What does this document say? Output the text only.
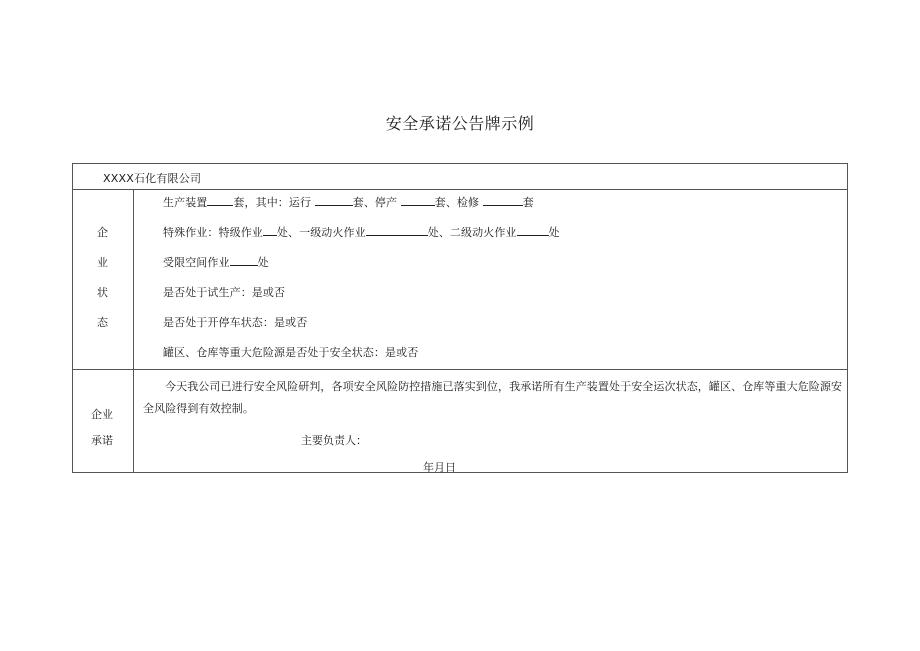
安全承诺公告牌示例
XXXX石化有限公司
企
业
状
态
生产装置 套，其中：运行	套、停产	套、检修	套
特殊作业：特级作业 处、一级动火作业	处、二级动火作业	处
受限空间作业	处
是否处于试生产：是或否
是否处于开停车状态：是或否
罐区、仓库等重大危险源是否处于安全状态：是或否
企业
承诺
今天我公司已进行安全风险研判，各项安全风险防控措施已落实到位，我承诺所有生产装置处于安全运次状态，罐区、仓库等重大危险源安全风险得到有效控制。
主要负责人：
年月日
